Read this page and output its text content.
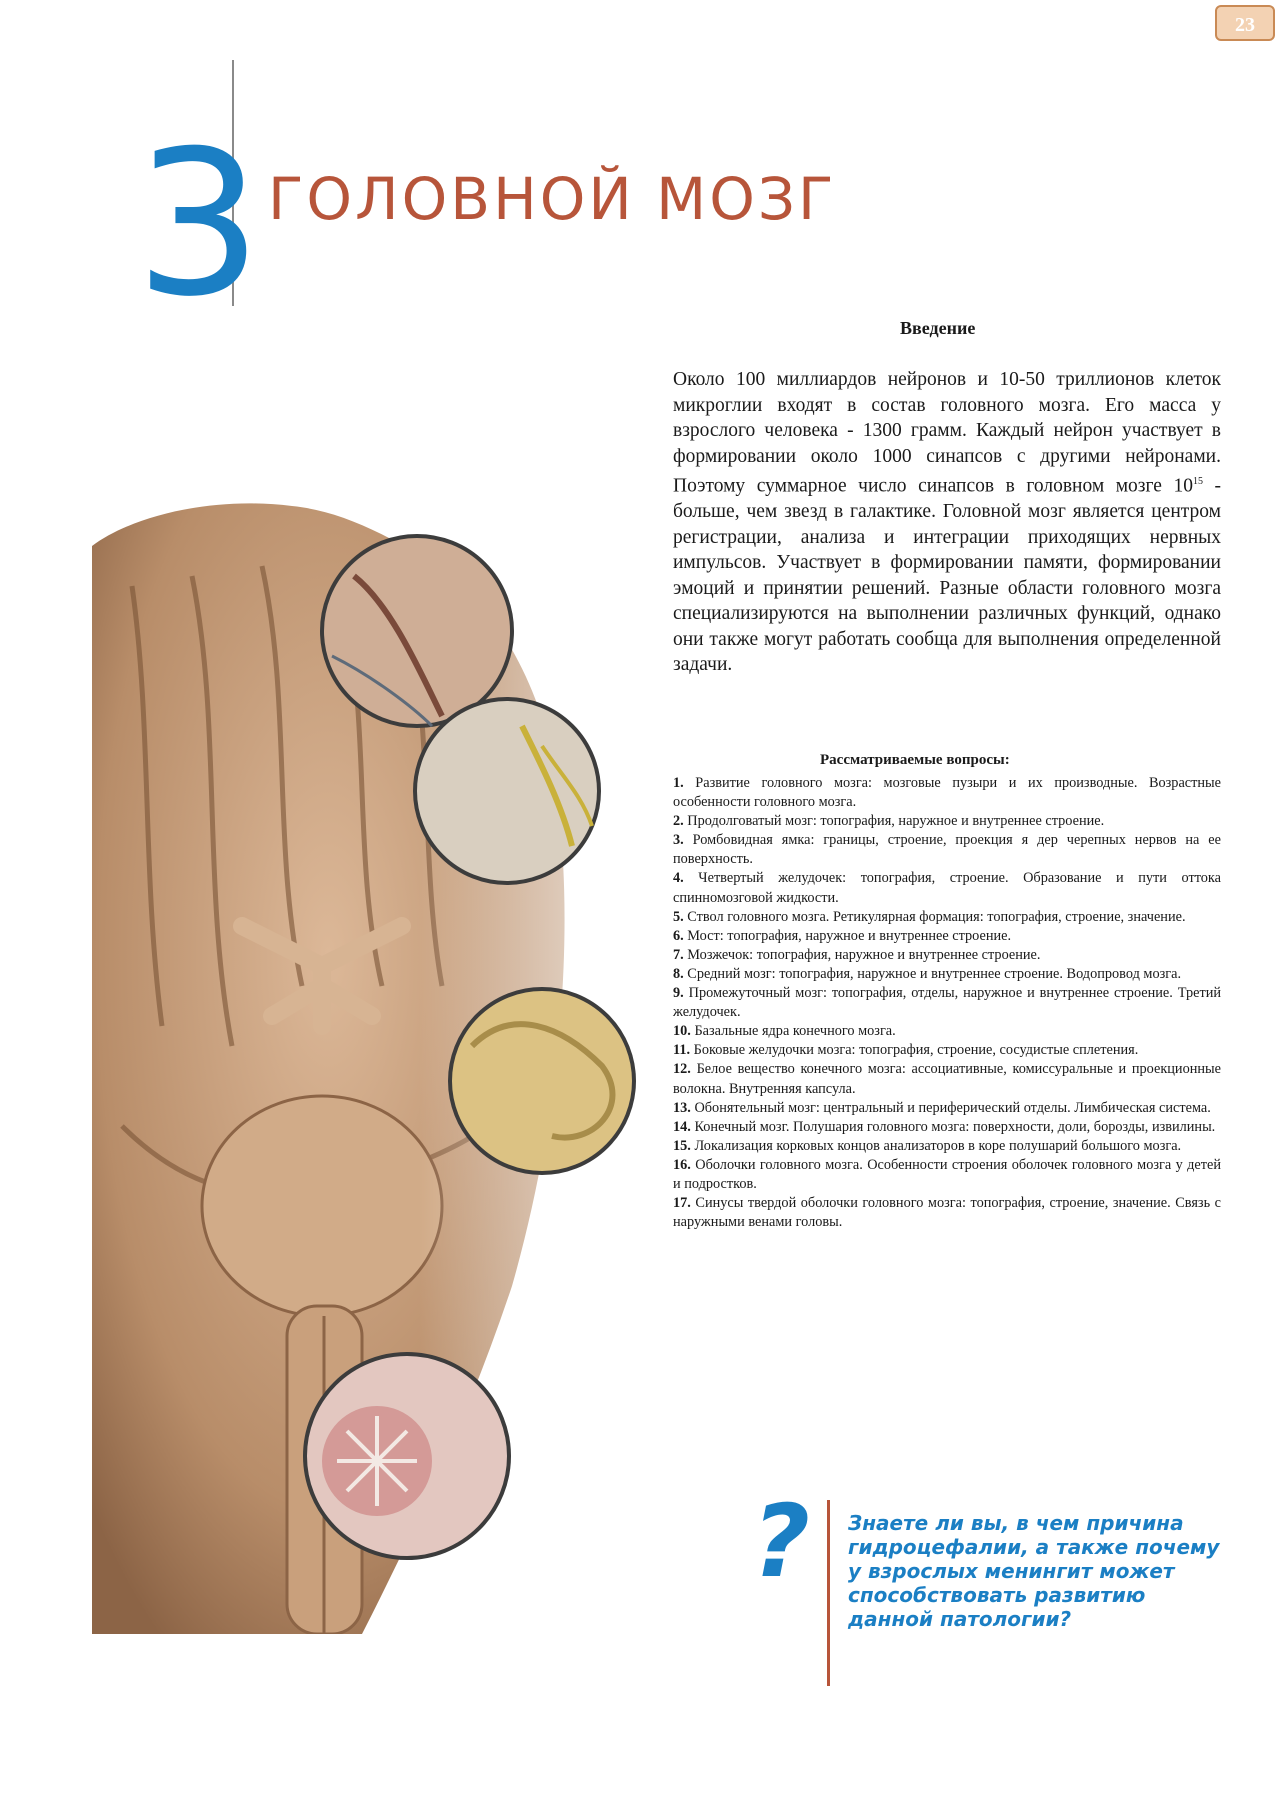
23
3 ГОЛОВНОЙ МОЗГ
Введение
Около 100 миллиардов нейронов и 10-50 триллионов клеток микроглии входят в состав головного мозга. Его масса у взрослого человека - 1300 грамм. Каждый нейрон участвует в формировании около 1000 синапсов с другими нейронами. Поэтому суммарное число синапсов в головном мозге $10^{15}$ - больше, чем звезд в галактике. Головной мозг является центром регистрации, анализа и интеграции приходящих нервных импульсов. Участвует в формировании памяти, формировании эмоций и принятии решений. Разные области головного мозга специализируются на выполнении различных функций, однако они также могут работать сообща для выполнения определенной задачи.
Рассматриваемые вопросы:
1. Развитие головного мозга: мозговые пузыри и их производные. Возрастные особенности головного мозга.
2. Продолговатый мозг: топография, наружное и внутреннее строение.
3. Ромбовидная ямка: границы, строение, проекция я дер черепных нервов на ее поверхность.
4. Четвертый желудочек: топография, строение. Образование и пути оттока спинномозговой жидкости.
5. Ствол головного мозга. Ретикулярная формация: топография, строение, значение.
6. Мост: топография, наружное и внутреннее строение.
7. Мозжечок: топография, наружное и внутреннее строение.
8. Средний мозг: топография, наружное и внутреннее строение. Водопровод мозга.
9. Промежуточный мозг: топография, отделы, наружное и внутреннее строение. Третий желудочек.
10. Базальные ядра конечного мозга.
11. Боковые желудочки мозга: топография, строение, сосудистые сплетения.
12. Белое вещество конечного мозга: ассоциативные, комиссуральные и проекционные волокна. Внутренняя капсула.
13. Обонятельный мозг: центральный и периферический отделы. Лимбическая система.
14. Конечный мозг. Полушария головного мозга: поверхности, доли, борозды, извилины.
15. Локализация корковых концов анализаторов в коре полушарий большого мозга.
16. Оболочки головного мозга. Особенности строения оболочек головного мозга у детей и подростков.
17. Синусы твердой оболочки головного мозга: топография, строение, значение. Связь с наружными венами головы.
? Знаете ли вы, в чем причина гидроцефалии, а также почему у взрослых менингит может способствовать развитию данной патологии?
